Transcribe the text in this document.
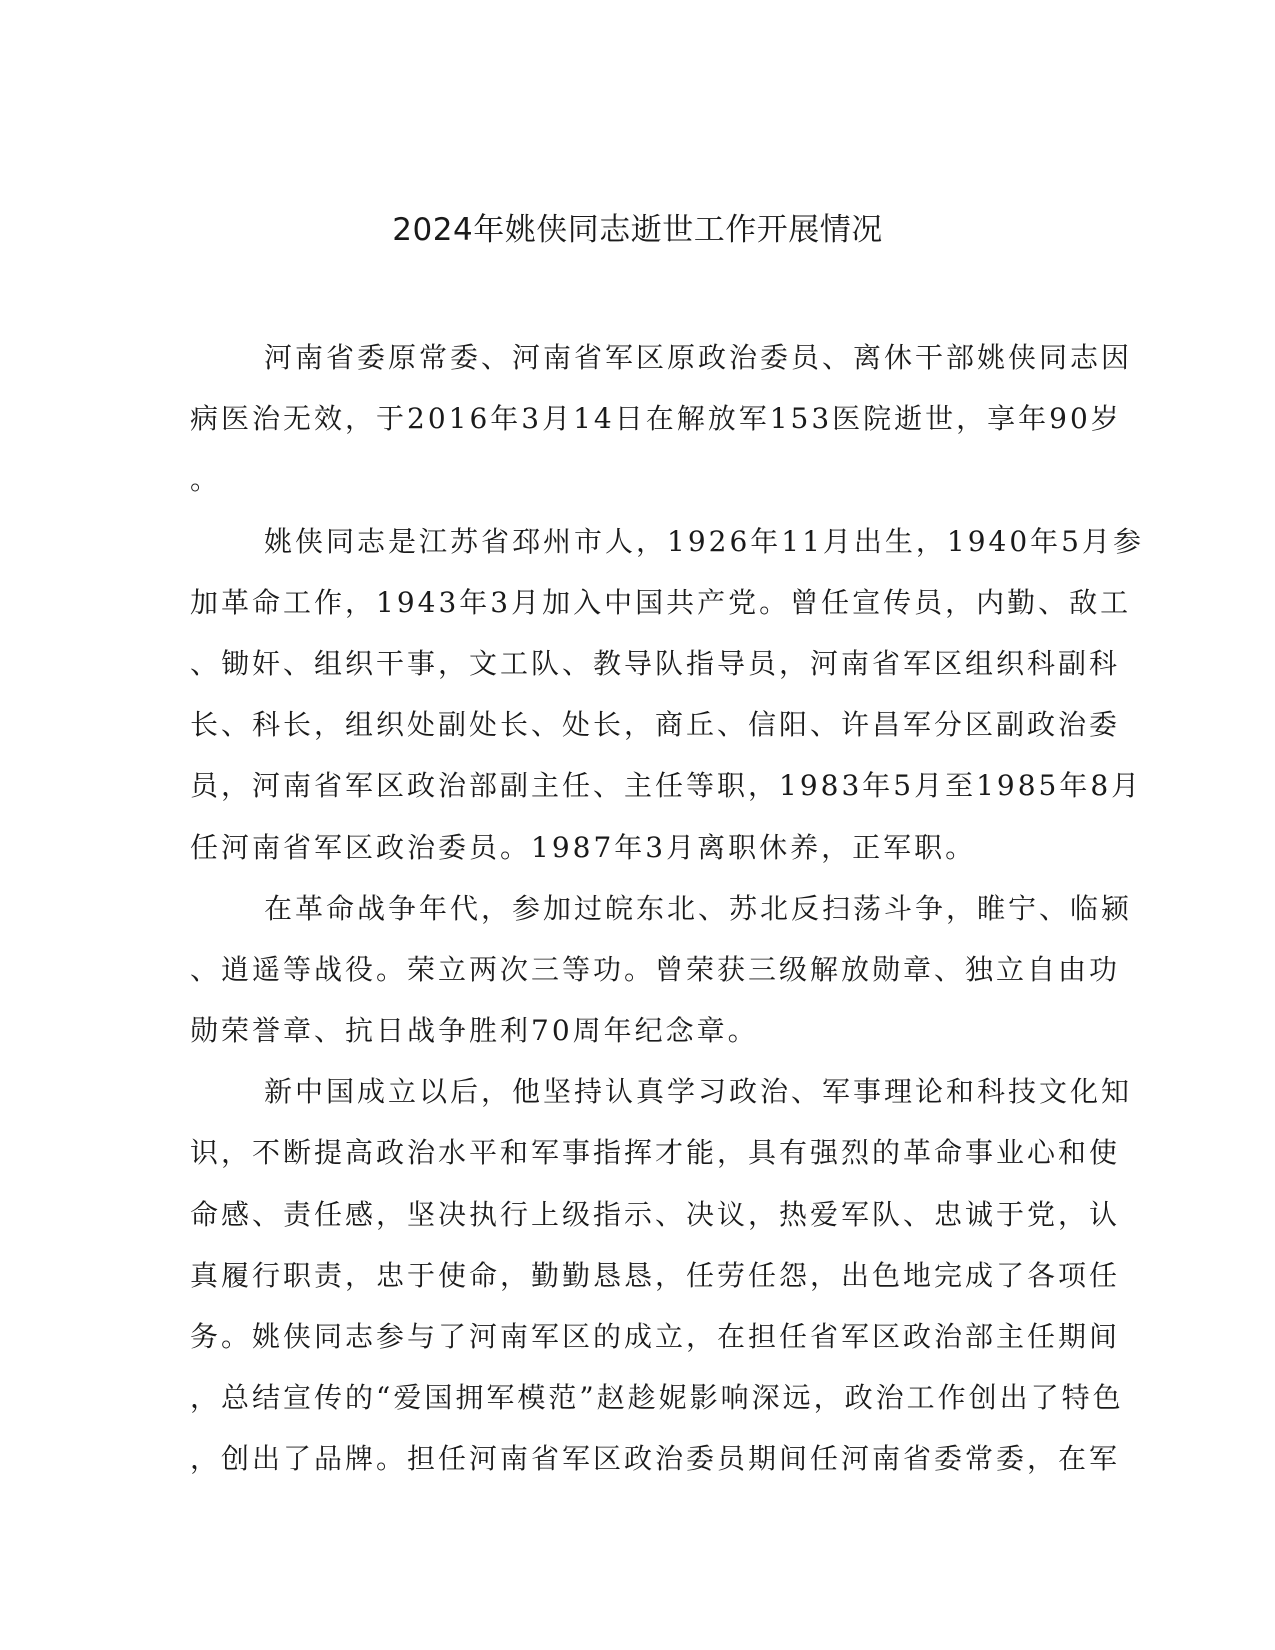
2024年姚侠同志逝世工作开展情况
河南省委原常委、河南省军区原政治委员、离休干部姚侠同志因
病医治无效，于2016年3月14日在解放军153医院逝世，享年90岁
。
姚侠同志是江苏省邳州市人，1926年11月出生，1940年5月参
加革命工作，1943年3月加入中国共产党。曾任宣传员，内勤、敌工
、锄奸、组织干事，文工队、教导队指导员，河南省军区组织科副科
长、科长，组织处副处长、处长，商丘、信阳、许昌军分区副政治委
员，河南省军区政治部副主任、主任等职，1983年5月至1985年8月
任河南省军区政治委员。1987年3月离职休养，正军职。
在革命战争年代，参加过皖东北、苏北反扫荡斗争，睢宁、临颍
、逍遥等战役。荣立两次三等功。曾荣获三级解放勋章、独立自由功
勋荣誉章、抗日战争胜利70周年纪念章。
新中国成立以后，他坚持认真学习政治、军事理论和科技文化知
识，不断提高政治水平和军事指挥才能，具有强烈的革命事业心和使
命感、责任感，坚决执行上级指示、决议，热爱军队、忠诚于党，认
真履行职责，忠于使命，勤勤恳恳，任劳任怨，出色地完成了各项任
务。姚侠同志参与了河南军区的成立，在担任省军区政治部主任期间
，总结宣传的“爱国拥军模范”赵趁妮影响深远，政治工作创出了特色
，创出了品牌。担任河南省军区政治委员期间任河南省委常委，在军
